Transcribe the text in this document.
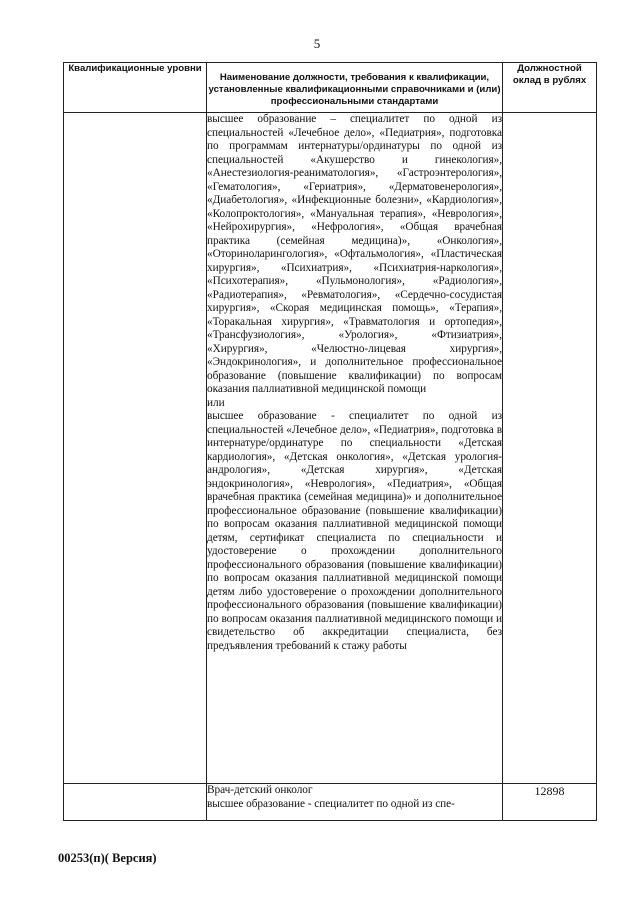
5
Квалификационные уровни	Наименование должности, требования к квалификации, установленные квалификационными справочниками и (или) профессиональными стандартами	Должностной оклад в рублях

	высшее образование – специалитет по одной из специальностей «Лечебное дело», «Педиатрия», подготовка по программам интернатуры/ординатуры по одной из специальностей «Акушерство и гинекология», «Анестезиология-реаниматология», «Гастроэнтерология», «Гематология», «Гериатрия», «Дерматовенерология», «Диабетология», «Инфекционные болезни», «Кардиология», «Колопроктология», «Мануальная терапия», «Неврология», «Нейрохирургия», «Нефрология», «Общая врачебная практика (семейная медицина)», «Онкология», «Оториноларингология», «Офтальмология», «Пластическая хирургия», «Психиатрия», «Психиатрия-наркология», «Психотерапия», «Пульмонология», «Радиология», «Радиотерапия», «Ревматология», «Сердечно-сосудистая хирургия», «Скорая медицинская помощь», «Терапия», «Торакальная хирургия», «Травматология и ортопедия», «Трансфузиология», «Урология», «Фтизиатрия», «Хирургия», «Челюстно-лицевая хирургия», «Эндокринология», и дополнительное профессиональное образование (повышение квалификации) по вопросам оказания паллиативной медицинской помощи

или

высшее образование - специалитет по одной из специальностей «Лечебное дело», «Педиатрия», подготовка в интернатуре/ординатуре по специальности «Детская кардиология», «Детская онкология», «Детская урология-андрология», «Детская хирургия», «Детская эндокринология», «Неврология», «Педиатрия», «Общая врачебная практика (семейная медицина)» и дополнительное профессиональное образование (повышение квалификации) по вопросам оказания паллиативной медицинской помощи детям, сертификат специалиста по специальности и удостоверение о прохождении дополнительного профессионального образования (повышение квалификации) по вопросам оказания паллиативной медицинской помощи детям либо удостоверение о прохождении дополнительного профессионального образования (повышение квалификации) по вопросам оказания паллиативной медицинского помощи и свидетельство об аккредитации специалиста, без предъявления требований к стажу работы	

	Врач-детский онколог

высшее образование - специалитет по одной из спе-	12898
00253(п)( Версия)
